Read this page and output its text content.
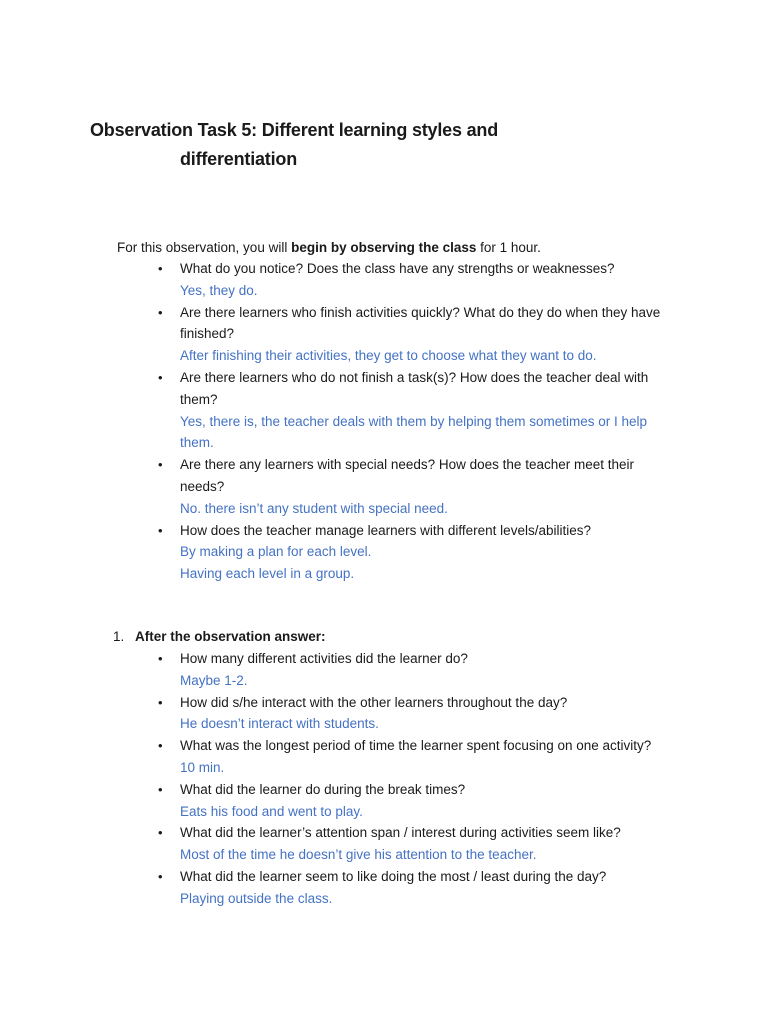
Observation Task 5: Different learning styles and
differentiation
For this observation, you will begin by observing the class for 1 hour.
• What do you notice? Does the class have any strengths or weaknesses?
Yes, they do.
• Are there learners who finish activities quickly? What do they do when they have finished?
After finishing their activities, they get to choose what they want to do.
• Are there learners who do not finish a task(s)? How does the teacher deal with them?
Yes, there is, the teacher deals with them by helping them sometimes or I help them.
• Are there any learners with special needs? How does the teacher meet their needs?
No. there isn’t any student with special need.
• How does the teacher manage learners with different levels/abilities?
By making a plan for each level.
Having each level in a group.
1. After the observation answer:
• How many different activities did the learner do?
Maybe 1-2.
• How did s/he interact with the other learners throughout the day?
He doesn’t interact with students.
• What was the longest period of time the learner spent focusing on one activity?
10 min.
• What did the learner do during the break times?
Eats his food and went to play.
• What did the learner’s attention span / interest during activities seem like?
Most of the time he doesn’t give his attention to the teacher.
• What did the learner seem to like doing the most / least during the day?
Playing outside the class.
